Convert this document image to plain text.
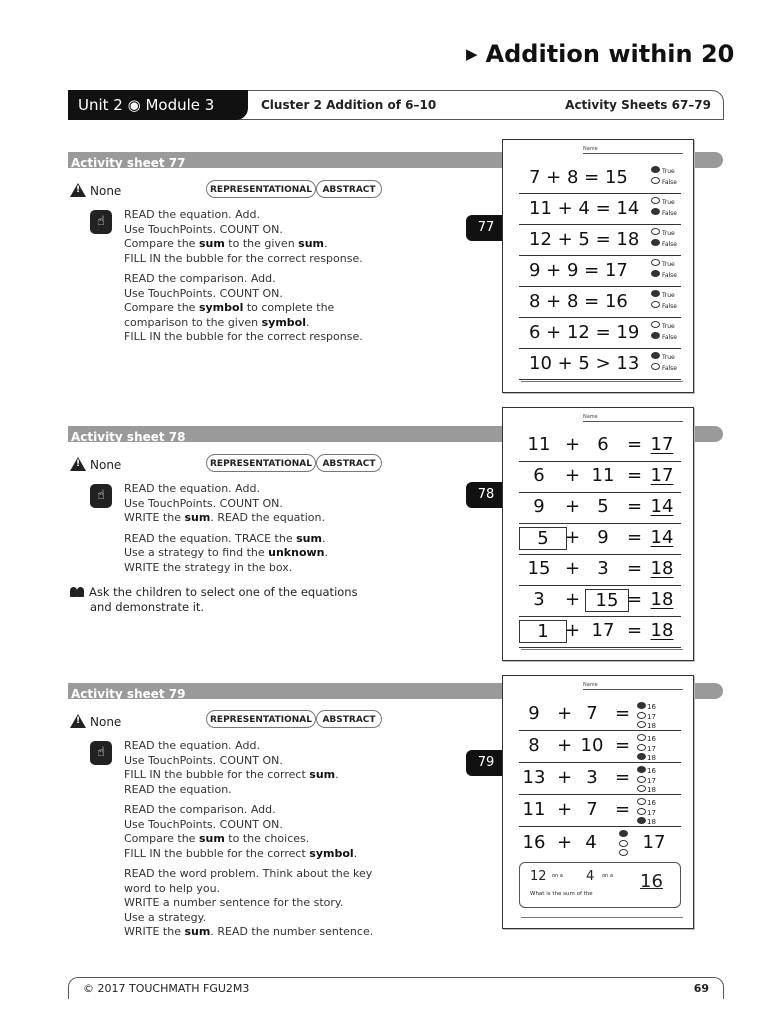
▶ Addition within 20
Unit 2 ◉ Module 3	Cluster 2 Addition of 6–10	Activity Sheets 67–79
Activity sheet 77
!None	REPRESENTATIONAL	ABSTRACT
☝	READ the equation. Add.
Use TouchPoints. COUNT ON.
Compare the sum to the given sum.
FILL IN the bubble for the correct response.

READ the comparison. Add.
Use TouchPoints. COUNT ON.
Compare the symbol to complete the
comparison to the given symbol.
FILL IN the bubble for the correct response.

77
Name
7 + 8 = 15	True
False
11 + 4 = 14	True
False
12 + 5 = 18	True
False
9 + 9 = 17	True
False
8 + 8 = 16	True
False
6 + 12 = 19	True
False
10 + 5 > 13	True
False
Activity sheet 78
!None	REPRESENTATIONAL	ABSTRACT
☝	READ the equation. Add.
Use TouchPoints. COUNT ON.
WRITE the sum. READ the equation.

READ the equation. TRACE the sum.
Use a strategy to find the unknown.
WRITE the strategy in the box.

Ask the children to select one of the equations
and demonstrate it.
78
Name
11 + 6	= 17
6	+ 11 = 17
9	+ 5	= 14
5 + 9	= 14
15 + 3	= 18
3	+ 15 = 18
1 + 17 = 18
Activity sheet 79
!None	REPRESENTATIONAL	ABSTRACT
☝	READ the equation. Add.
Use TouchPoints. COUNT ON.
FILL IN the bubble for the correct sum.
READ the equation.

READ the comparison. Add.
Use TouchPoints. COUNT ON.
Compare the sum to the choices.
FILL IN the bubble for the correct symbol.

READ the word problem. Think about the key
word to help you.
WRITE a number sentence for the story.
Use a strategy.
WRITE the sum. READ the number sentence.

79
Name
9 + 7 =	16
17
18
8 + 10 =	16
17
18
13 + 3 =	16
17
18
11 + 7 =	16
17
18
16 + 4	17
12 on a 4 on a
What is the sum of the
16
© 2017 TOUCHMATH FGU2M3	69
